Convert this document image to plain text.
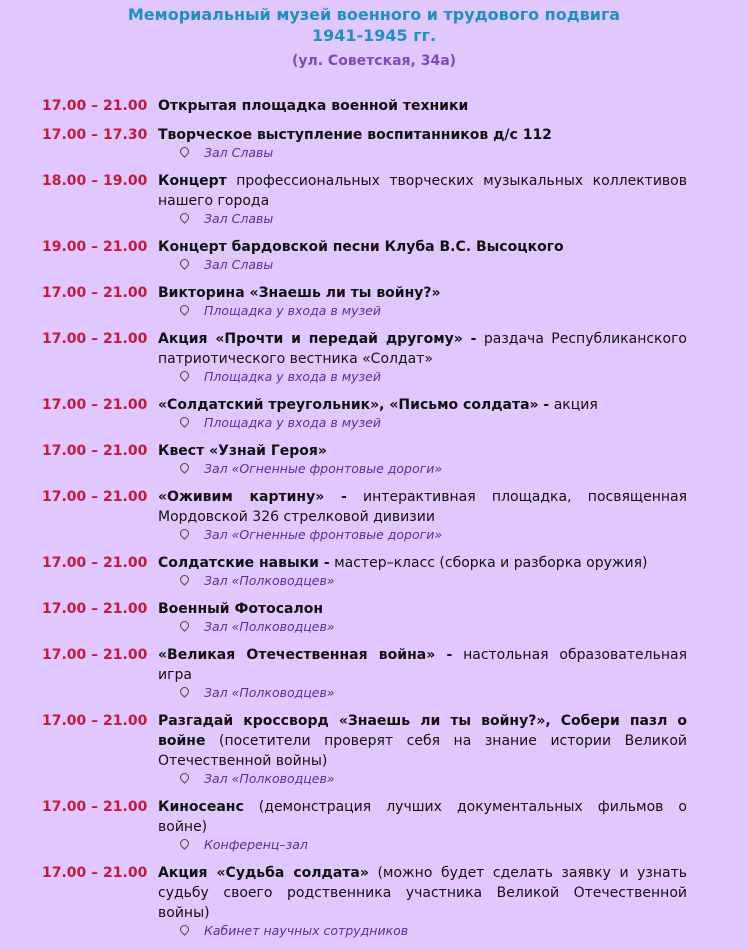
Мемориальный музей военного и трудового подвига
1941-1945 гг.
(ул. Советская, 34а)
17.00 – 21.00 Открытая площадка военной техники
17.00 – 17.30 Творческое выступление воспитанников д/с 112
Зал Славы
18.00 – 19.00 Концерт профессиональных творческих музыкальных коллективов нашего города
Зал Славы
19.00 – 21.00 Концерт бардовской песни Клуба В.С. Высоцкого
Зал Славы
17.00 – 21.00 Викторина «Знаешь ли ты войну?»
Площадка у входа в музей
17.00 – 21.00 Акция «Прочти и передай другому» - раздача Республиканского патриотического вестника «Солдат»
Площадка у входа в музей
17.00 – 21.00 «Солдатский треугольник», «Письмо солдата» - акция
Площадка у входа в музей
17.00 – 21.00 Квест «Узнай Героя»
Зал «Огненные фронтовые дороги»
17.00 – 21.00 «Оживим картину» - интерактивная площадка, посвященная Мордовской 326 стрелковой дивизии
Зал «Огненные фронтовые дороги»
17.00 – 21.00 Солдатские навыки - мастер–класс (сборка и разборка оружия)
Зал «Полководцев»
17.00 – 21.00 Военный Фотосалон
Зал «Полководцев»
17.00 – 21.00 «Великая Отечественная война» - настольная образовательная игра
Зал «Полководцев»
17.00 – 21.00 Разгадай кроссворд «Знаешь ли ты войну?», Собери пазл о войне (посетители проверят себя на знание истории Великой Отечественной войны)
Зал «Полководцев»
17.00 – 21.00 Киносеанс (демонстрация лучших документальных фильмов о войне)
Конференц–зал
17.00 – 21.00 Акция «Судьба солдата» (можно будет сделать заявку и узнать судьбу своего родственника участника Великой Отечественной войны)
Кабинет научных сотрудников
